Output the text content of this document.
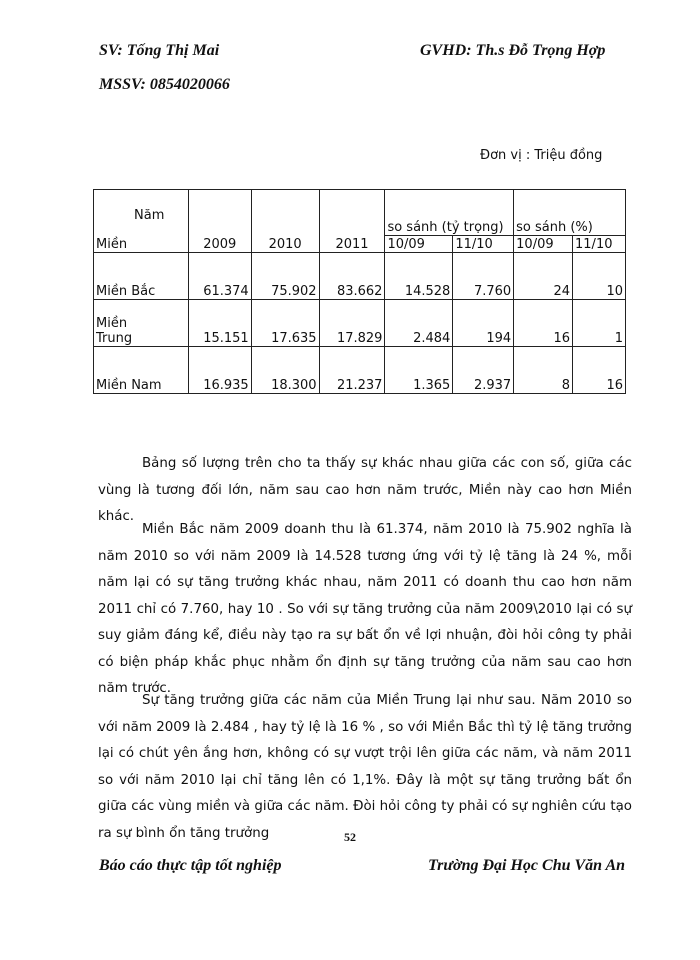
SV: Tống Thị Mai	GVHD: Th.s Đỗ Trọng Hợp
MSSV: 0854020066
Đơn vị : Triệu đồng
Năm
Miền	2009	2010	2011	so sánh (tỷ trọng)		so sánh (%)	
				10/09	11/10	10/09	11/10
Miền Bắc	61.374	75.902	83.662	14.528	7.760	24	10
Miền
Trung	15.151	17.635	17.829	2.484	194	16	1
Miền Nam	16.935	18.300	21.237	1.365	2.937	8	16

Bảng số lượng trên cho ta thấy sự khác nhau giữa các con số, giữa các vùng là tương đối lớn, năm sau cao hơn năm trước, Miền này cao hơn Miền khác.

Miền Bắc năm 2009 doanh thu là 61.374, năm 2010 là 75.902 nghĩa là năm 2010 so với năm 2009 là 14.528 tương ứng với tỷ lệ tăng là 24 %, mỗi năm lại có sự tăng trưởng khác nhau, năm 2011 có doanh thu cao hơn năm 2011 chỉ có 7.760, hay 10 . So với sự tăng trưởng của năm 2009\2010 lại có sự suy giảm đáng kể, điều này tạo ra sự bất ổn về lợi nhuận, đòi hỏi công ty phải có biện pháp khắc phục nhằm ổn định sự tăng trưởng của năm sau cao hơn năm trước.

Sự tăng trưởng giữa các năm của Miền Trung lại như sau. Năm 2010 so với năm 2009 là 2.484 , hay tỷ lệ là 16 % , so với Miền Bắc thì tỷ lệ tăng trưởng lại có chút yên ắng hơn, không có sự vượt trội lên giữa các năm, và năm 2011 so với năm 2010 lại chỉ tăng lên có 1,1%. Đây là một sự tăng trưởng bất ổn giữa các vùng miền và giữa các năm. Đòi hỏi công ty phải có sự nghiên cứu tạo ra sự bình ổn tăng trưởng	52
Báo cáo thực tập tốt nghiệp	Trường Đại Học Chu Văn An
